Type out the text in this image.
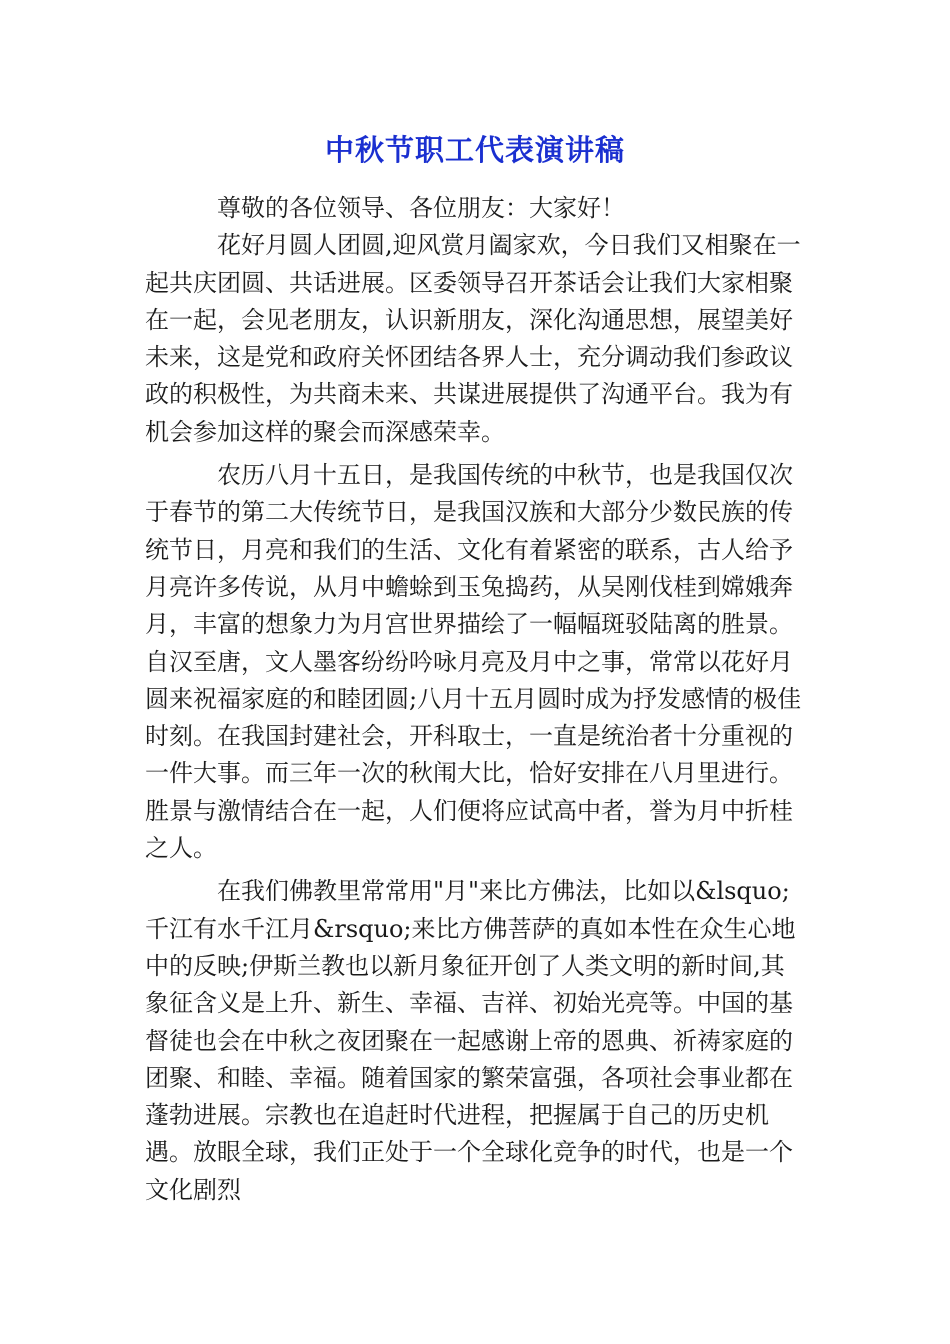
中秋节职工代表演讲稿

尊敬的各位领导、各位朋友：大家好！

花好月圆人团圆,迎风赏月阖家欢，今日我们又相聚在一起共庆团圆、共话进展。区委领导召开茶话会让我们大家相聚在一起，会见老朋友，认识新朋友，深化沟通思想，展望美好未来，这是党和政府关怀团结各界人士，充分调动我们参政议政的积极性，为共商未来、共谋进展提供了沟通平台。我为有机会参加这样的聚会而深感荣幸。

农历八月十五日，是我国传统的中秋节，也是我国仅次于春节的第二大传统节日，是我国汉族和大部分少数民族的传统节日，月亮和我们的生活、文化有着紧密的联系，古人给予月亮许多传说，从月中蟾蜍到玉兔捣药，从吴刚伐桂到嫦娥奔月，丰富的想象力为月宫世界描绘了一幅幅斑驳陆离的胜景。自汉至唐，文人墨客纷纷吟咏月亮及月中之事，常常以花好月圆来祝福家庭的和睦团圆;八月十五月圆时成为抒发感情的极佳时刻。在我国封建社会，开科取士，一直是统治者十分重视的一件大事。而三年一次的秋闱大比，恰好安排在八月里进行。胜景与激情结合在一起，人们便将应试高中者，誉为月中折桂之人。

在我们佛教里常常用"月"来比方佛法，比如以&lsquo;千江有水千江月&rsquo;来比方佛菩萨的真如本性在众生心地中的反映;伊斯兰教也以新月象征开创了人类文明的新时间,其象征含义是上升、新生、幸福、吉祥、初始光亮等。中国的基督徒也会在中秋之夜团聚在一起感谢上帝的恩典、祈祷家庭的团聚、和睦、幸福。随着国家的繁荣富强，各项社会事业都在蓬勃进展。宗教也在追赶时代进程，把握属于自己的历史机遇。放眼全球，我们正处于一个全球化竞争的时代，也是一个文化剧烈
